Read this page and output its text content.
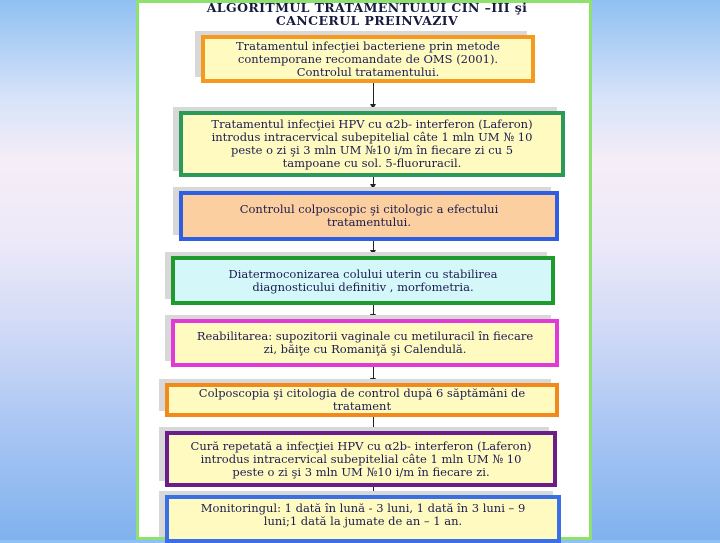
ALGORITMUL TRATAMENTULUI CIN –III şi
CANCERUL PREINVAZIV
Tratamentul infecţiei bacteriene prin metode
contemporane recomandate de OMS (2001).
Controlul tratamentului.
Tratamentul infecţiei HPV cu α2b- interferon (Laferon)
introdus intracervical subepitelial câte 1 mln UM № 10
peste o zi şi 3 mln UM №10 i/m în fiecare zi cu 5
tampoane cu sol. 5-fluoruracil.
Controlul colposcopic şi citologic a efectului
tratamentului.
Diatermoconizarea colului uterin cu stabilirea
diagnosticului definitiv , morfometria.
Reabilitarea: supozitorii vaginale cu metiluracil în fiecare
zi, băiţe cu Romaniţă şi Calendulă.
Colposcopia şi citologia de control după 6 săptămâni de
tratament
Cură repetată a infecţiei HPV cu α2b- interferon (Laferon)
introdus intracervical subepitelial câte 1 mln UM № 10
peste o zi şi 3 mln UM №10 i/m în fiecare zi.
Monitoringul: 1 dată în lună - 3 luni, 1 dată în 3 luni – 9
luni;1 dată la jumate de an – 1 an.
